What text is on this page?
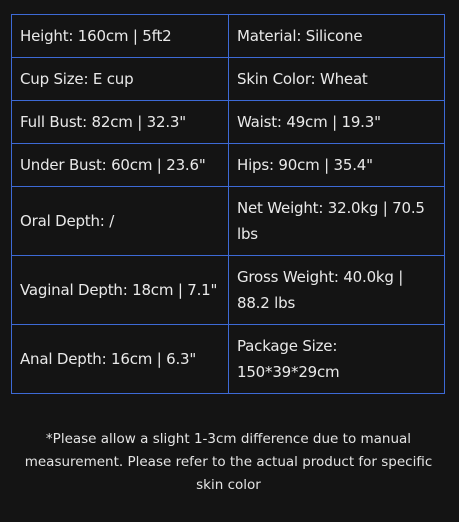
Height: 160cm | 5ft2	Material: Silicone
Cup Size: E cup	Skin Color: Wheat
Full Bust: 82cm | 32.3"	Waist: 49cm | 19.3"
Under Bust: 60cm | 23.6"	Hips: 90cm | 35.4"
Oral Depth: /	Net Weight: 32.0kg | 70.5 lbs
Vaginal Depth: 18cm | 7.1"	Gross Weight: 40.0kg | 88.2 lbs
Anal Depth: 16cm | 6.3"	Package Size: 150*39*29cm
*Please allow a slight 1-3cm difference due to manual measurement. Please refer to the actual product for specific skin color
